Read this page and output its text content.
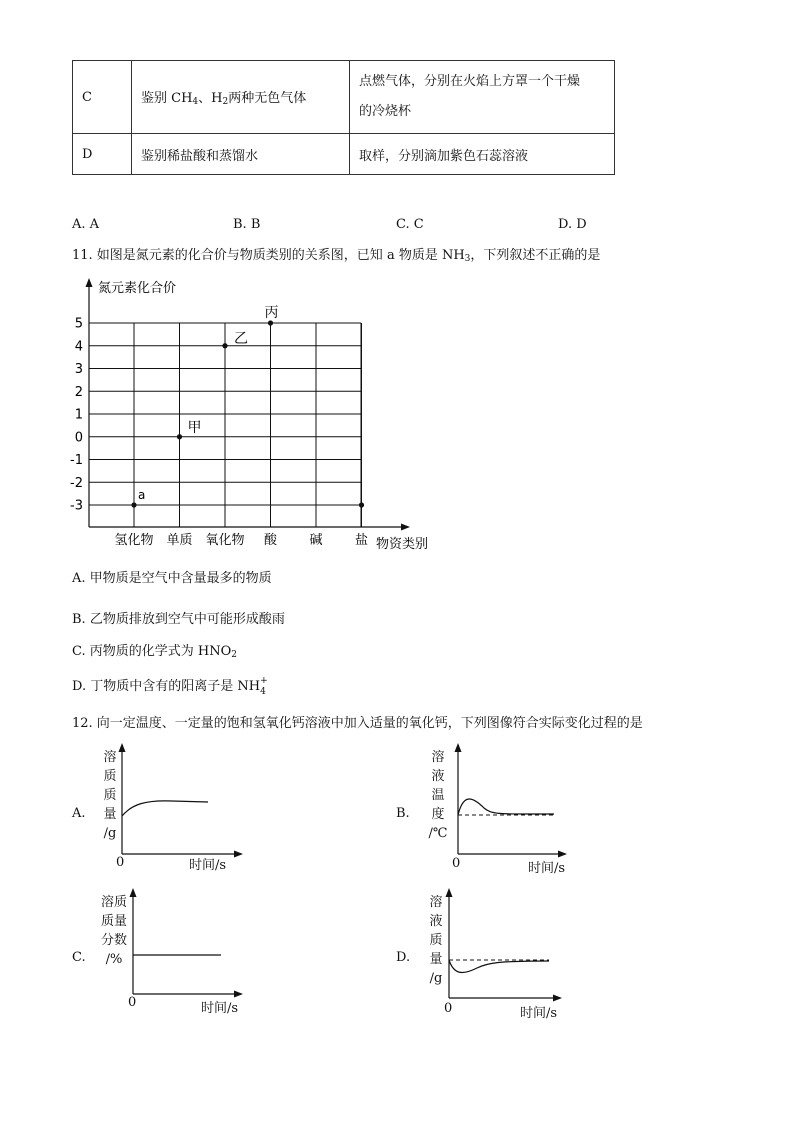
C	鉴别 $CH_4$、$H_2$两种无色气体	点燃气体，分别在火焰上方罩一个干燥
的冷烧杯

D	鉴别稀盐酸和蒸馏水	取样，分别滴加紫色石蕊溶液
A. A	B. B	C. C	D. D
11. 如图是氮元素的化合价与物质类别的关系图，已知 a 物质是 $NH_3$，下列叙述不正确的是
5
4
3
2
1
0
-1
-2
-3
氢化物 单质 氧化物 酸 碱 盐
a
甲
乙
丙
氮元素化合价
物资类别
A. 甲物质是空气中含量最多的物质
B. 乙物质排放到空气中可能形成酸雨
C. 丙物质的化学式为 $HNO_2$
D. 丁物质中含有的阳离子是 NH +
4
12. 向一定温度、一定量的饱和氢氧化钙溶液中加入适量的氧化钙，下列图像符合实际变化过程的是
A.
溶
质
质
量
/g
0	时间/s
B.
溶
液
温
度
/℃
0	时间/s
C.
溶质
质量
分数
/%
0	时间/s
D.
溶
液
质
量
/g
0	时间/s
